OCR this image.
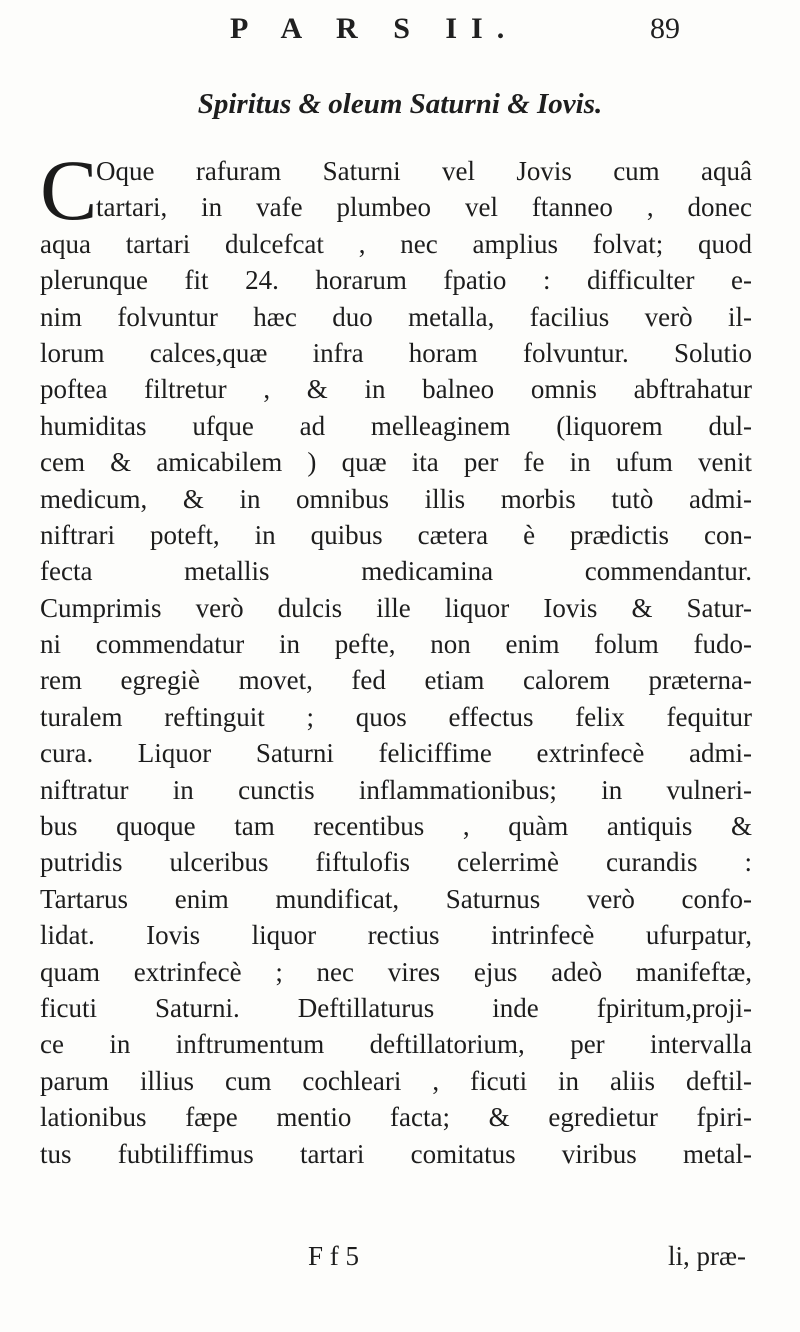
P A R S II.	89
Spiritus & oleum Saturni & Iovis.
C
Oque rafuram Saturni vel Jovis cum aquâ
tartari, in vafe plumbeo vel ftanneo , donec
aqua tartari dulcefcat , nec amplius folvat; quod
plerunque fit 24. horarum fpatio : difficulter e-
nim folvuntur hæc duo metalla, facilius verò il-
lorum calces,quæ infra horam folvuntur. Solutio
poftea filtretur , & in balneo omnis abftrahatur
humiditas ufque ad melleaginem (liquorem dul-
cem & amicabilem ) quæ ita per fe in ufum venit
medicum, & in omnibus illis morbis tutò admi-
niftrari poteft, in quibus cætera è prædictis con-
fecta metallis medicamina commendantur.
Cumprimis verò dulcis ille liquor Iovis & Satur-
ni commendatur in pefte, non enim folum fudo-
rem egregiè movet, fed etiam calorem præterna-
turalem reftinguit ; quos effectus felix fequitur
cura. Liquor Saturni feliciffime extrinfecè admi-
niftratur in cunctis inflammationibus; in vulneri-
bus quoque tam recentibus , quàm antiquis &
putridis ulceribus fiftulofis celerrimè curandis :
Tartarus enim mundificat, Saturnus verò confo-
lidat. Iovis liquor rectius intrinfecè ufurpatur,
quam extrinfecè ; nec vires ejus adeò manifeftæ,
ficuti Saturni. Deftillaturus inde fpiritum,proji-
ce in inftrumentum deftillatorium, per intervalla
parum illius cum cochleari , ficuti in aliis deftil-
lationibus fæpe mentio facta; & egredietur fpiri-
tus fubtiliffimus tartari comitatus viribus metal-
F f 5	li, præ-
